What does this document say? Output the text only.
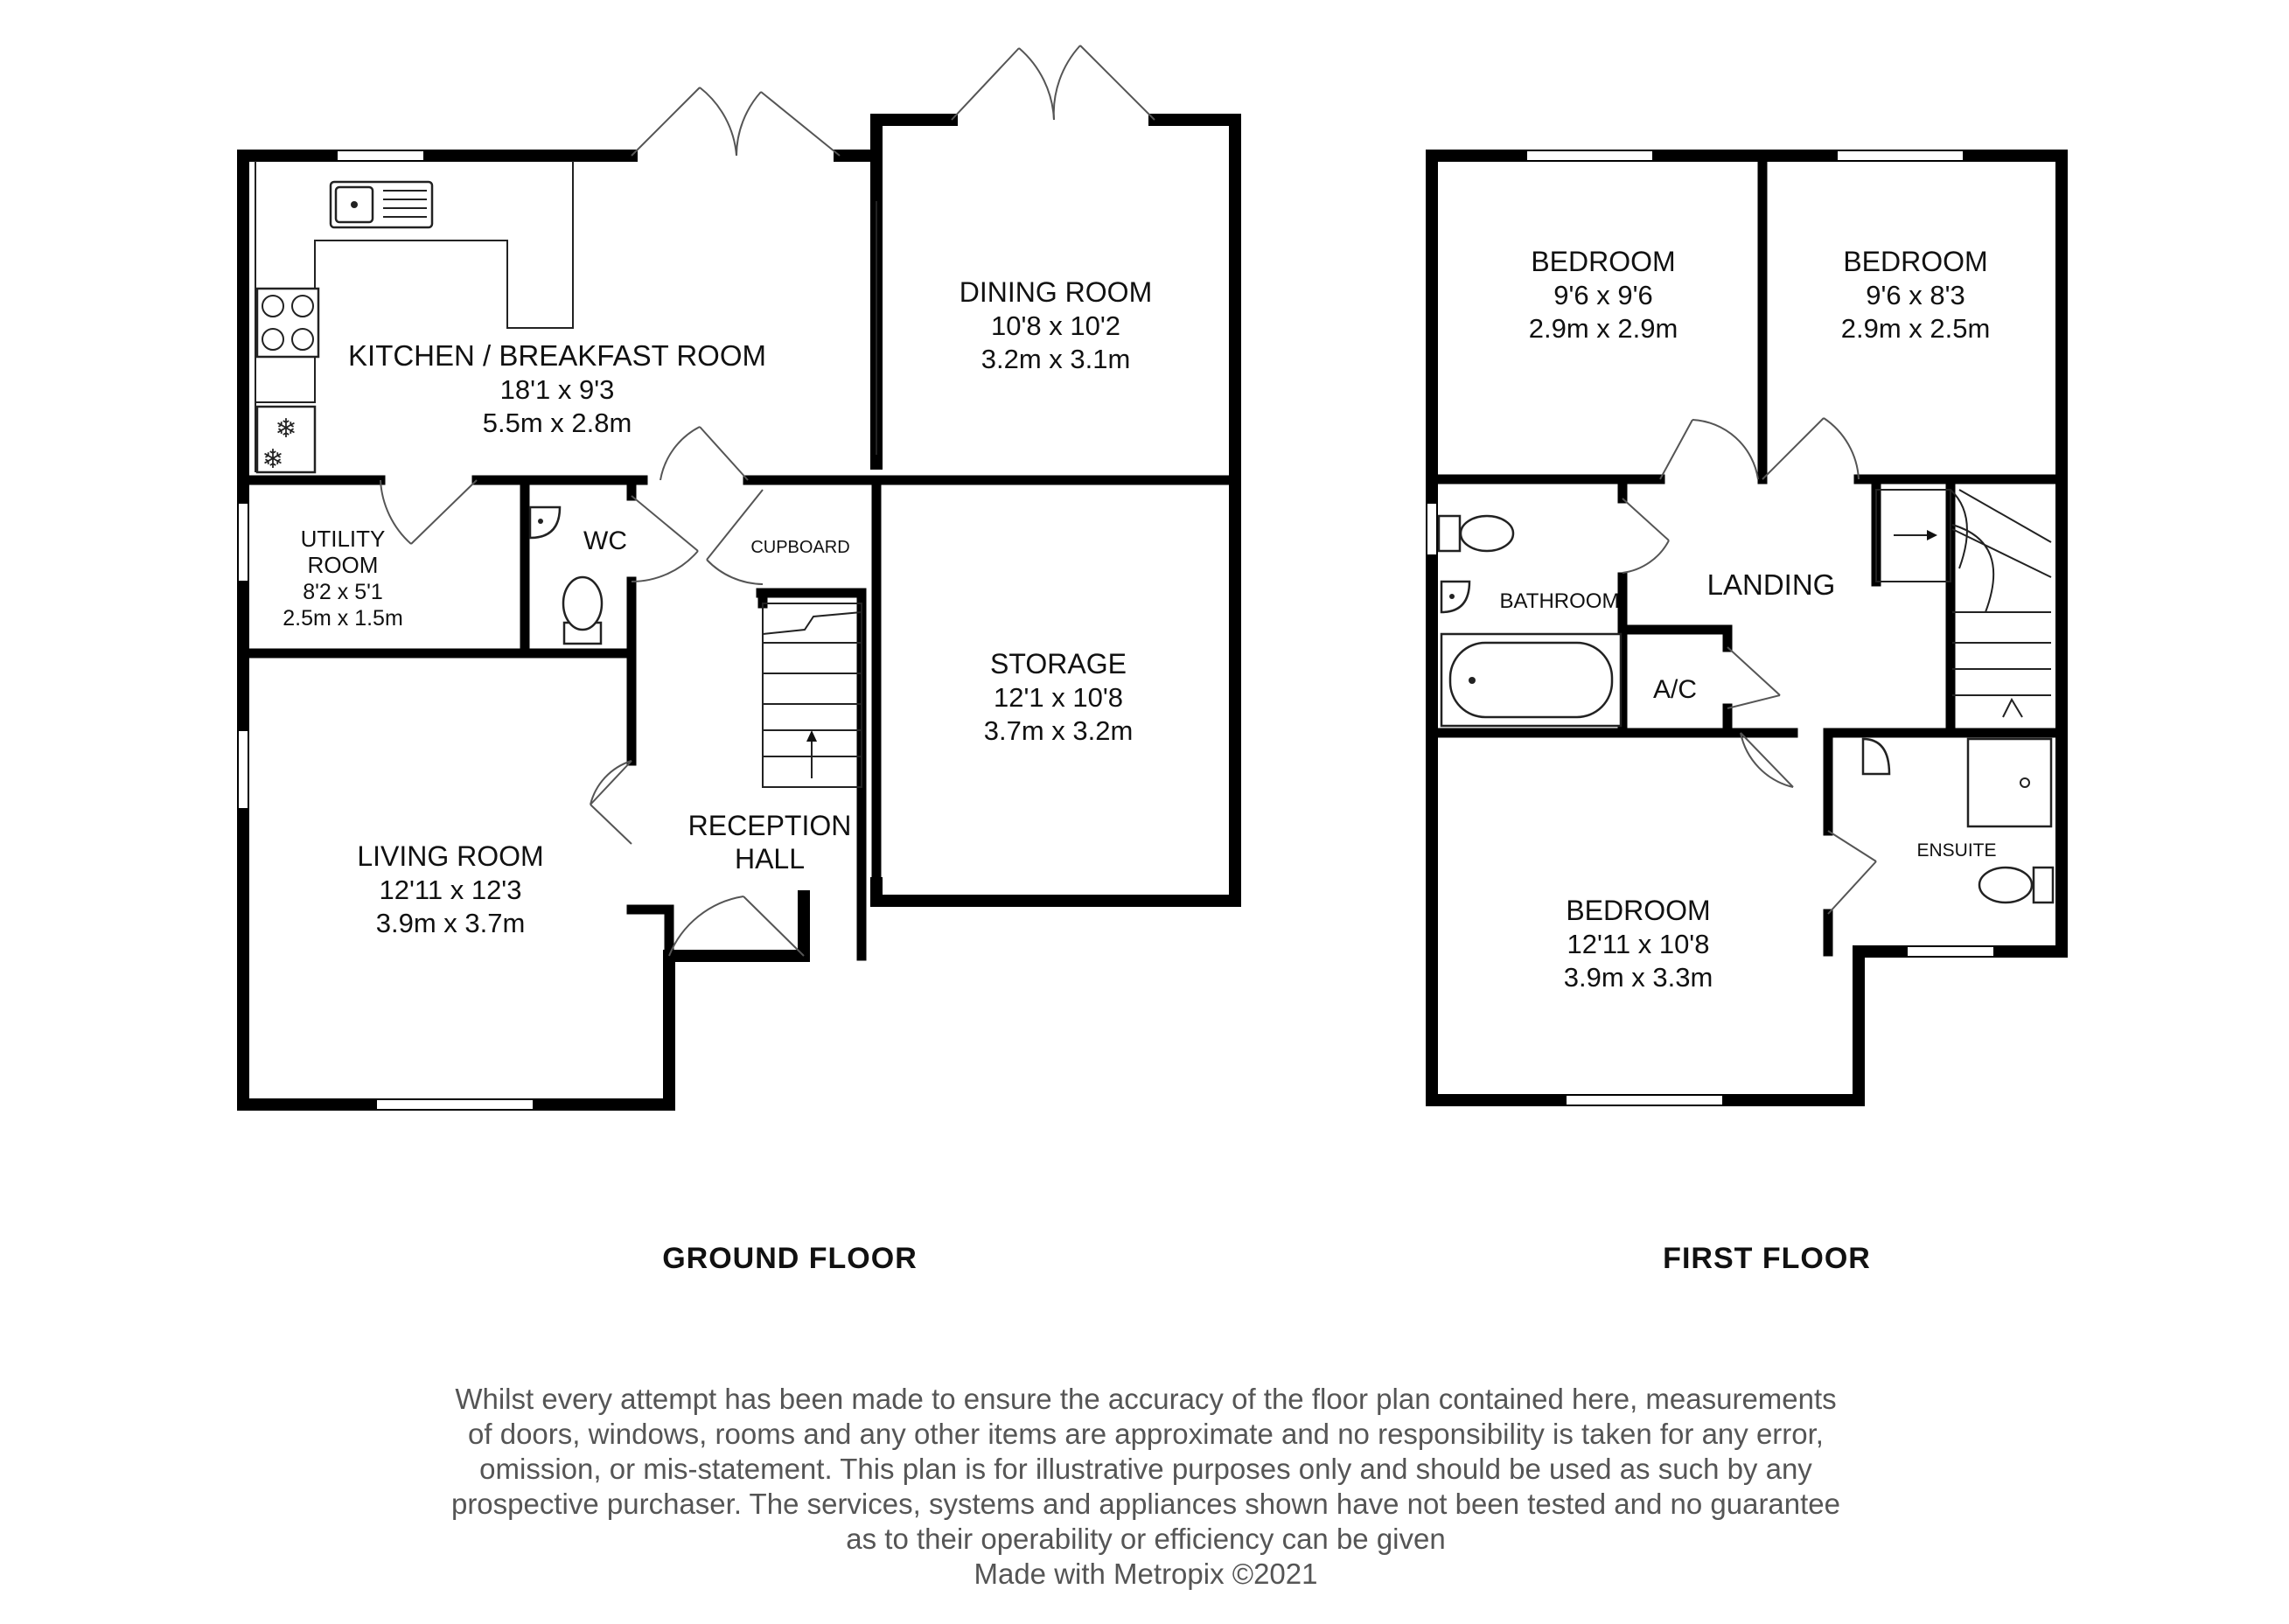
❄
❄
KITCHEN / BREAKFAST ROOM
18'1 x 9'3
5.5m x 2.8m
DINING ROOM
10'8 x 10'2
3.2m x 3.1m
UTILITY
ROOM
8'2 x 5'1
2.5m x 1.5m
WC	CUPBOARD
STORAGE
12'1 x 10'8
3.7m x 3.2m
RECEPTION
HALL
LIVING ROOM
12'11 x 12'3
3.9m x 3.7m
GROUND FLOOR
BEDROOM
9'6 x 9'6
2.9m x 2.9m
BEDROOM
9'6 x 8'3
2.9m x 2.5m
BATHROOM
LANDING
A/C
ENSUITE
BEDROOM
12'11 x 10'8
3.9m x 3.3m
FIRST FLOOR
Whilst every attempt has been made to ensure the accuracy of the floor plan contained here, measurements
of doors, windows, rooms and any other items are approximate and no responsibility is taken for any error,
omission, or mis-statement. This plan is for illustrative purposes only and should be used as such by any
prospective purchaser. The services, systems and appliances shown have not been tested and no guarantee
as to their operability or efficiency can be given
Made with Metropix ©2021
